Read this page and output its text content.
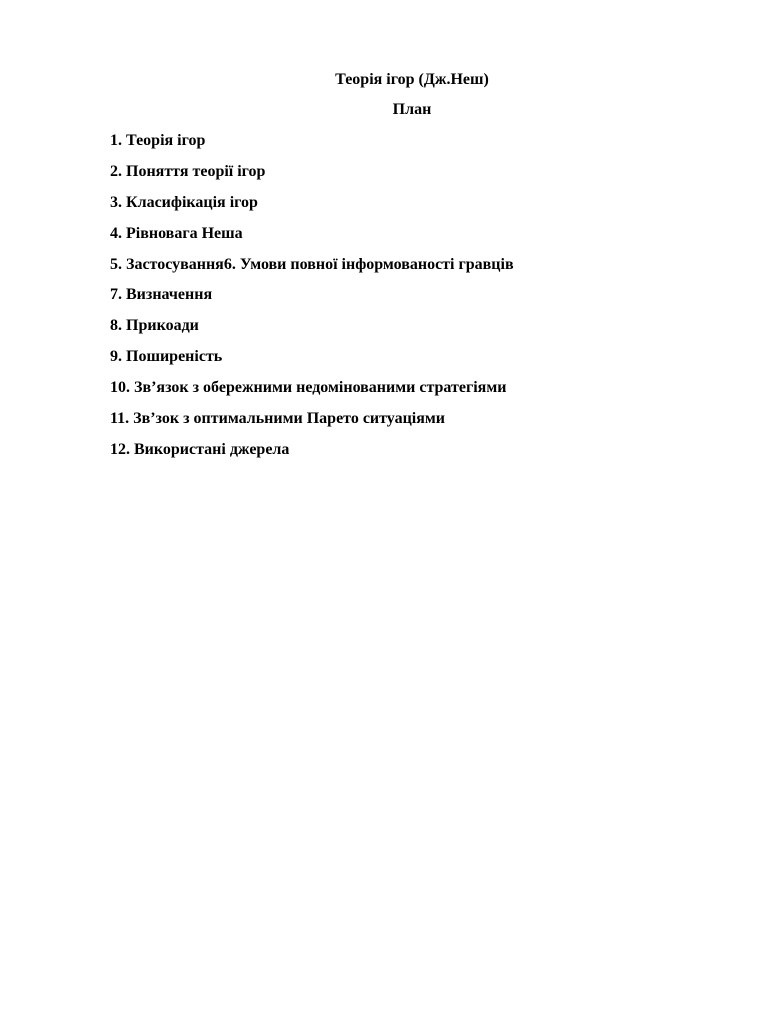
Теорія ігор (Дж.Неш)

План

1. Теорія ігор
2. Поняття теорії ігор
3. Класифікація ігор
4. Рівновага Неша
5. Застосування6. Умови повної інформованості гравців
7. Визначення
8. Прикоади
9. Поширеність
10. Зв’язок з обережними недомінованими стратегіями
11. Зв’зок з оптимальними Парето ситуаціями
12. Використані джерела
